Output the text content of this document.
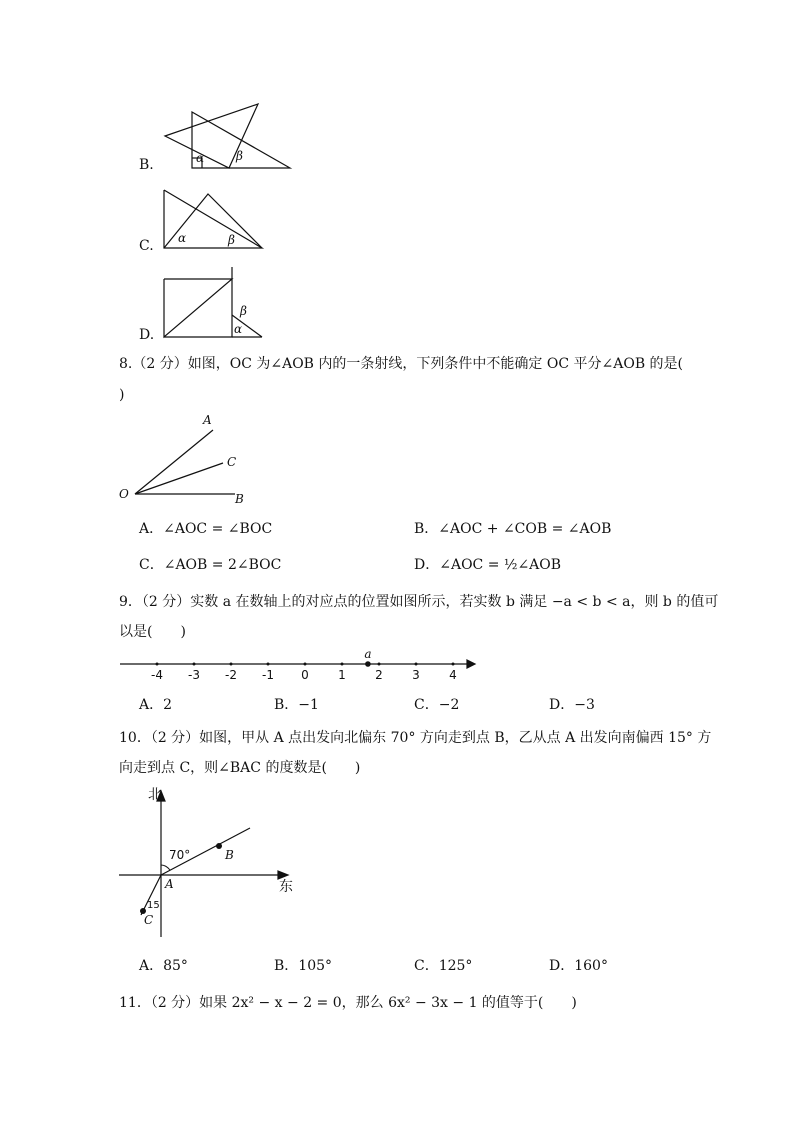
B.	α	β
C. α	β
D.
β
α
8.（2 分）如图，OC 为∠AOB 内的一条射线，下列条件中不能确定 OC 平分∠AOB 的是(
)
A
C
O	B
A．∠AOC = ∠BOC	B．∠AOC + ∠COB = ∠AOB
C．∠AOB = 2∠BOC	D．∠AOC = ½∠AOB
9．（2 分）实数 a 在数轴上的对应点的位置如图所示，若实数 b 满足 −a < b < a，则 b 的值可
以是(　　)
-4 -3 -2 -1 0 1 2 3 4
a
A．2	B．−1	C．−2	D．−3
10．（2 分）如图，甲从 A 点出发向北偏东 70° 方向走到点 B，乙从点 A 出发向南偏西 15° 方
向走到点 C，则∠BAC 的度数是(　　)
北
东
70°
15
A
B
C
A．85°	B．105°	C．125°	D．160°
11．（2 分）如果 2x² − x − 2 = 0，那么 6x² − 3x − 1 的值等于(　　)
